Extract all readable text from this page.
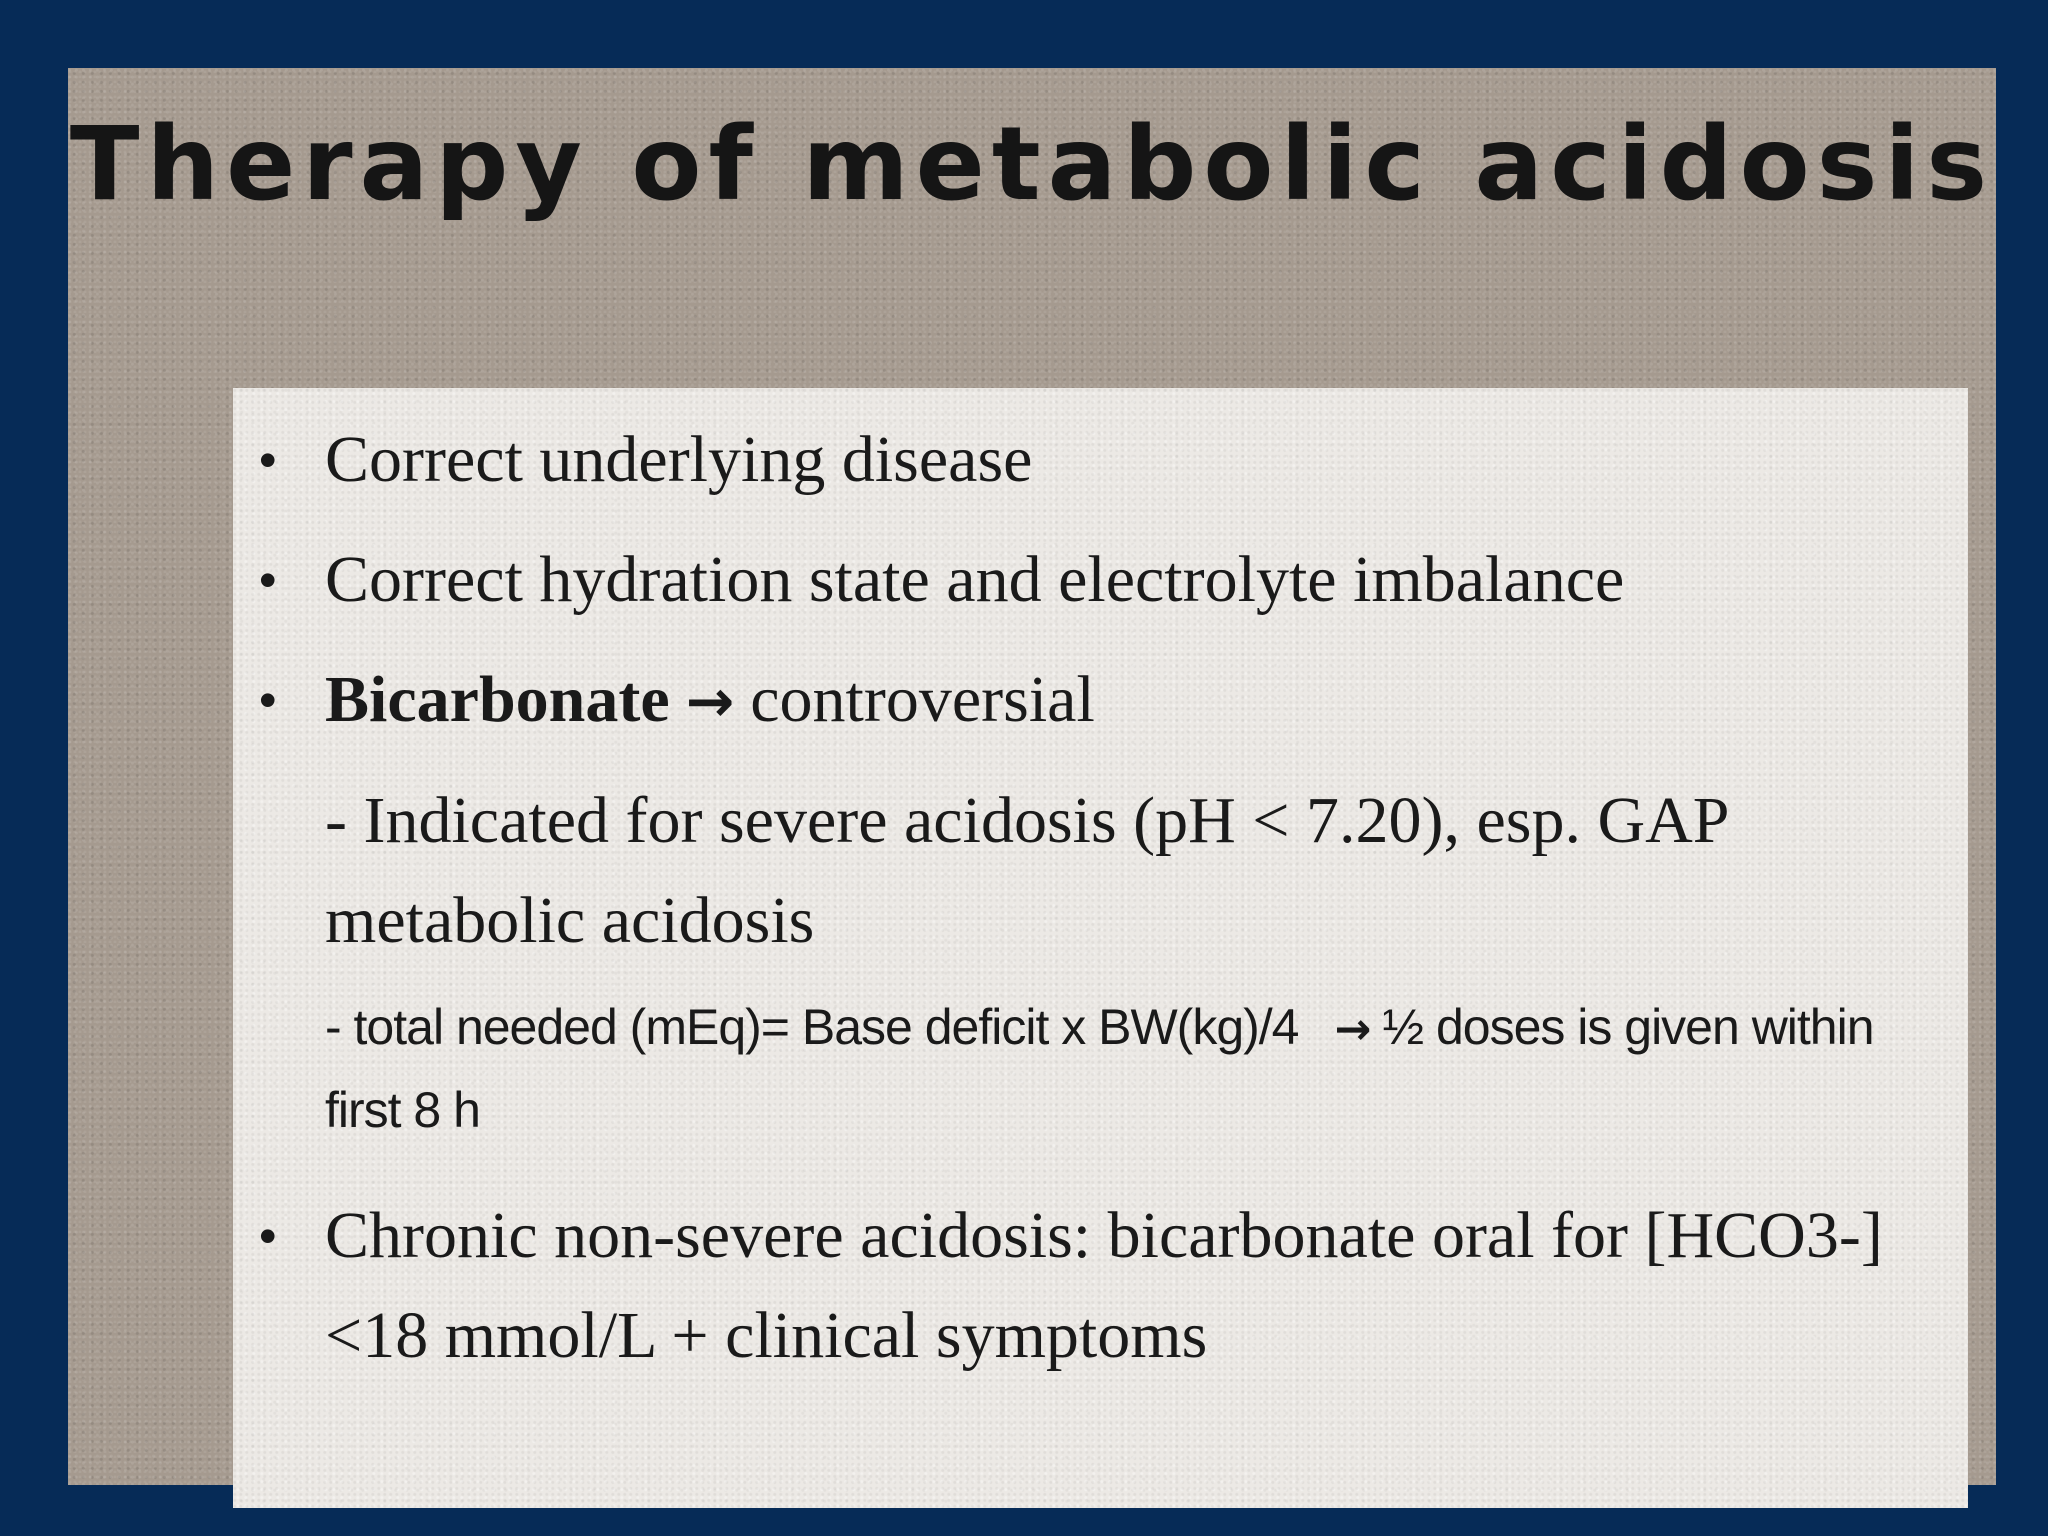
Therapy of metabolic acidosis
• Correct underlying disease
• Correct hydration state and electrolyte imbalance
• Bicarbonate → controversial
- Indicated for severe acidosis (pH < 7.20), esp. GAP metabolic acidosis
- total needed (mEq)= Base deficit x BW(kg)/4 → ½ doses is given within first 8 h
• Chronic non-severe acidosis: bicarbonate oral for [HCO3-] <18 mmol/L + clinical symptoms
